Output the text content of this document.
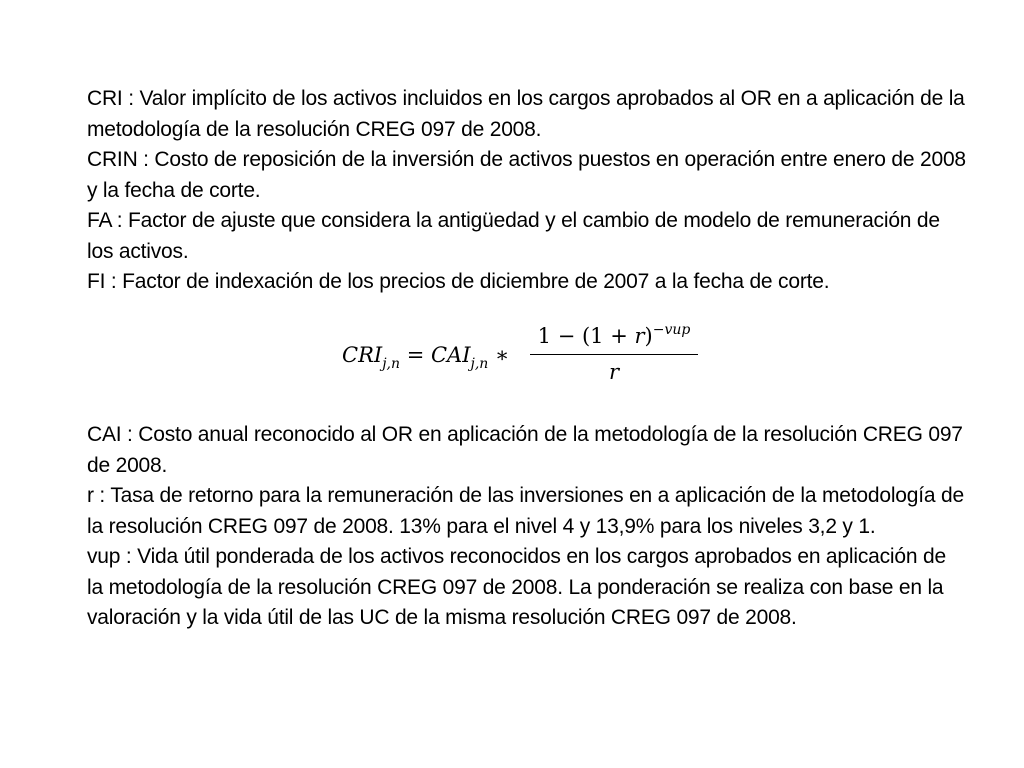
CRI : Valor implícito de los activos incluidos en los cargos aprobados al OR en a aplicación de la metodología de la resolución CREG 097 de 2008.

CRIN : Costo de reposición de la inversión de activos puestos en operación entre enero de 2008 y la fecha de corte.

FA : Factor de ajuste que considera la antigüedad y el cambio de modelo de remuneración de los activos.

FI : Factor de indexación de los precios de diciembre de 2007 a la fecha de corte.

$CRI_{j,n} = CAI_{j,n}$ ∗
$1 - (1 + r)^{-vup}$
r

CAI : Costo anual reconocido al OR en aplicación de la metodología de la resolución CREG 097 de 2008.

r : Tasa de retorno para la remuneración de las inversiones en a aplicación de la metodología de la resolución CREG 097 de 2008. 13% para el nivel 4 y 13,9% para los niveles 3,2 y 1.

vup : Vida útil ponderada de los activos reconocidos en los cargos aprobados en aplicación de la metodología de la resolución CREG 097 de 2008. La ponderación se realiza con base en la valoración y la vida útil de las UC de la misma resolución CREG 097 de 2008.
